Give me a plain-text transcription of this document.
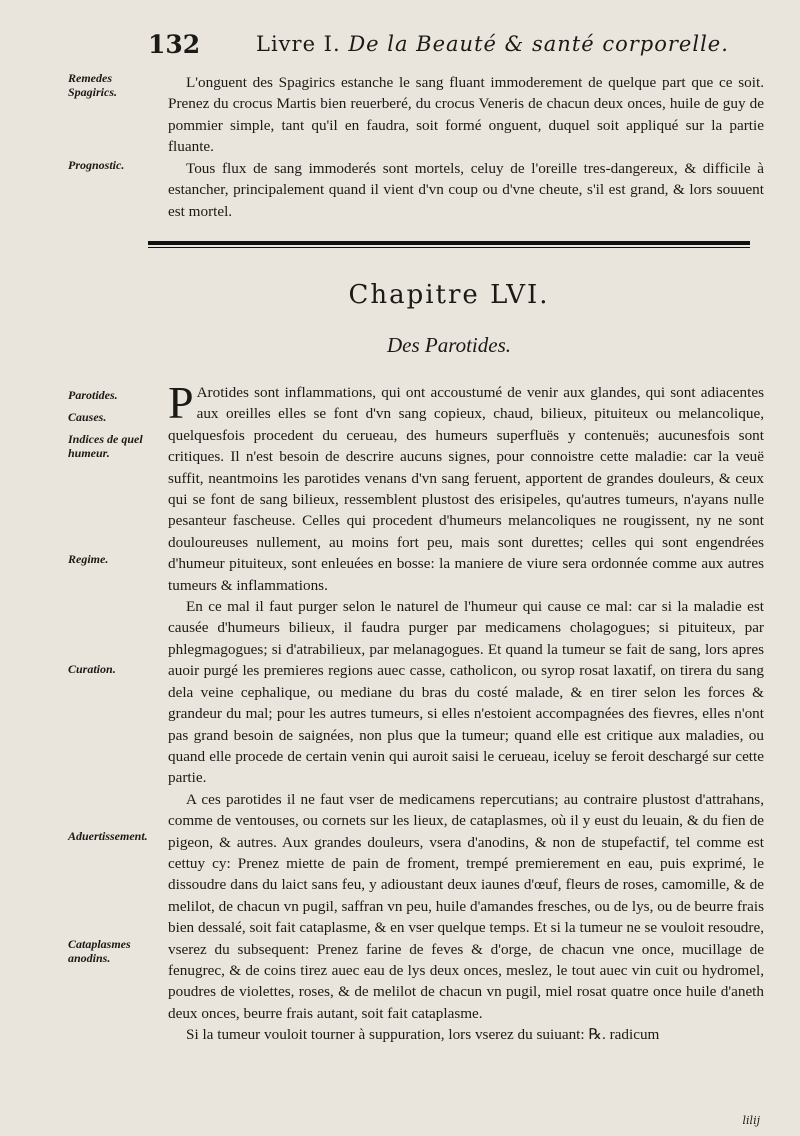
132	Livre I. De la Beauté & santé corporelle.
Remedes Spagirics.

L'onguent des Spagirics estanche le sang fluant immoderement de quelque part que ce soit. Prenez du crocus Martis bien reuerberé, du crocus Veneris de chacun deux onces, huile de guy de pommier simple, tant qu'il en faudra, soit formé onguent, duquel soit appliqué sur la partie fluante.

Prognostic.	Tous flux de sang immoderés sont mortels, celuy de l'oreille tres-dangereux, & difficile à estancher, principalement quand il vient d'vn coup ou d'vne cheute, s'il est grand, & lors souuent est mortel.

Chapitre LVI.
Des Parotides.
Parotides.
Causes.
Indices de quel humeur.
Regime.
Curation.
Aduertissement.
Cataplasmes anodins.

P Arotides sont inflammations, qui ont accoustumé de venir aux glandes, qui sont adiacentes aux oreilles elles se font d'vn sang copieux, chaud, bilieux, pituiteux ou melancolique, quelquesfois procedent du cerueau, des humeurs superfluës y contenuës; aucunesfois sont critiques. Il n'est besoin de descrire aucuns signes, pour connoistre cette maladie: car la veuë suffit, neantmoins les parotides venans d'vn sang feruent, apportent de grandes douleurs, & ceux qui se font de sang bilieux, ressemblent plustost des erisipeles, qu'autres tumeurs, n'ayans nulle pesanteur fascheuse. Celles qui procedent d'humeurs melancoliques ne rougissent, ny ne sont douloureuses nullement, au moins fort peu, mais sont durettes; celles qui sont engendrées d'humeur pituiteux, sont enleuées en bosse: la maniere de viure sera ordonnée comme aux autres tumeurs & inflammations.

En ce mal il faut purger selon le naturel de l'humeur qui cause ce mal: car si la maladie est causée d'humeurs bilieux, il faudra purger par medicamens cholagogues; si pituiteux, par phlegmagogues; si d'atrabilieux, par melanagogues. Et quand la tumeur se fait de sang, lors apres auoir purgé les premieres regions auec casse, catholicon, ou syrop rosat laxatif, on tirera du sang dela veine cephalique, ou mediane du bras du costé malade, & en tirer selon les forces & grandeur du mal; pour les autres tumeurs, si elles n'estoient accompagnées des fievres, elles n'ont pas grand besoin de saignées, non plus que la tumeur; quand elle est critique aux maladies, ou quand elle procede de certain venin qui auroit saisi le cerueau, iceluy se feroit deschargé sur cette partie.

A ces parotides il ne faut vser de medicamens repercutians; au contraire plustost d'attrahans, comme de ventouses, ou cornets sur les lieux, de cataplasmes, où il y eust du leuain, & du fien de pigeon, & autres. Aux grandes douleurs, vsera d'anodins, & non de stupefactif, tel comme est cettuy cy: Prenez miette de pain de froment, trempé premierement en eau, puis exprimé, le dissoudre dans du laict sans feu, y adioustant deux iaunes d'œuf, fleurs de roses, camomille, & de melilot, de chacun vn pugil, saffran vn peu, huile d'amandes fresches, ou de lys, ou de beurre frais bien dessalé, soit fait cataplasme, & en vser quelque temps. Et si la tumeur ne se vouloit resoudre, vserez du subsequent: Prenez farine de feves & d'orge, de chacun vne once, mucillage de fenugrec, & de coins tirez auec eau de lys deux onces, meslez, le tout auec vin cuit ou hydromel, poudres de violettes, roses, & de melilot de chacun vn pugil, miel rosat quatre once huile d'aneth deux onces, beurre frais autant, soit fait cataplasme.

Si la tumeur vouloit tourner à suppuration, lors vserez du suiuant: ℞. radicum

lilij
